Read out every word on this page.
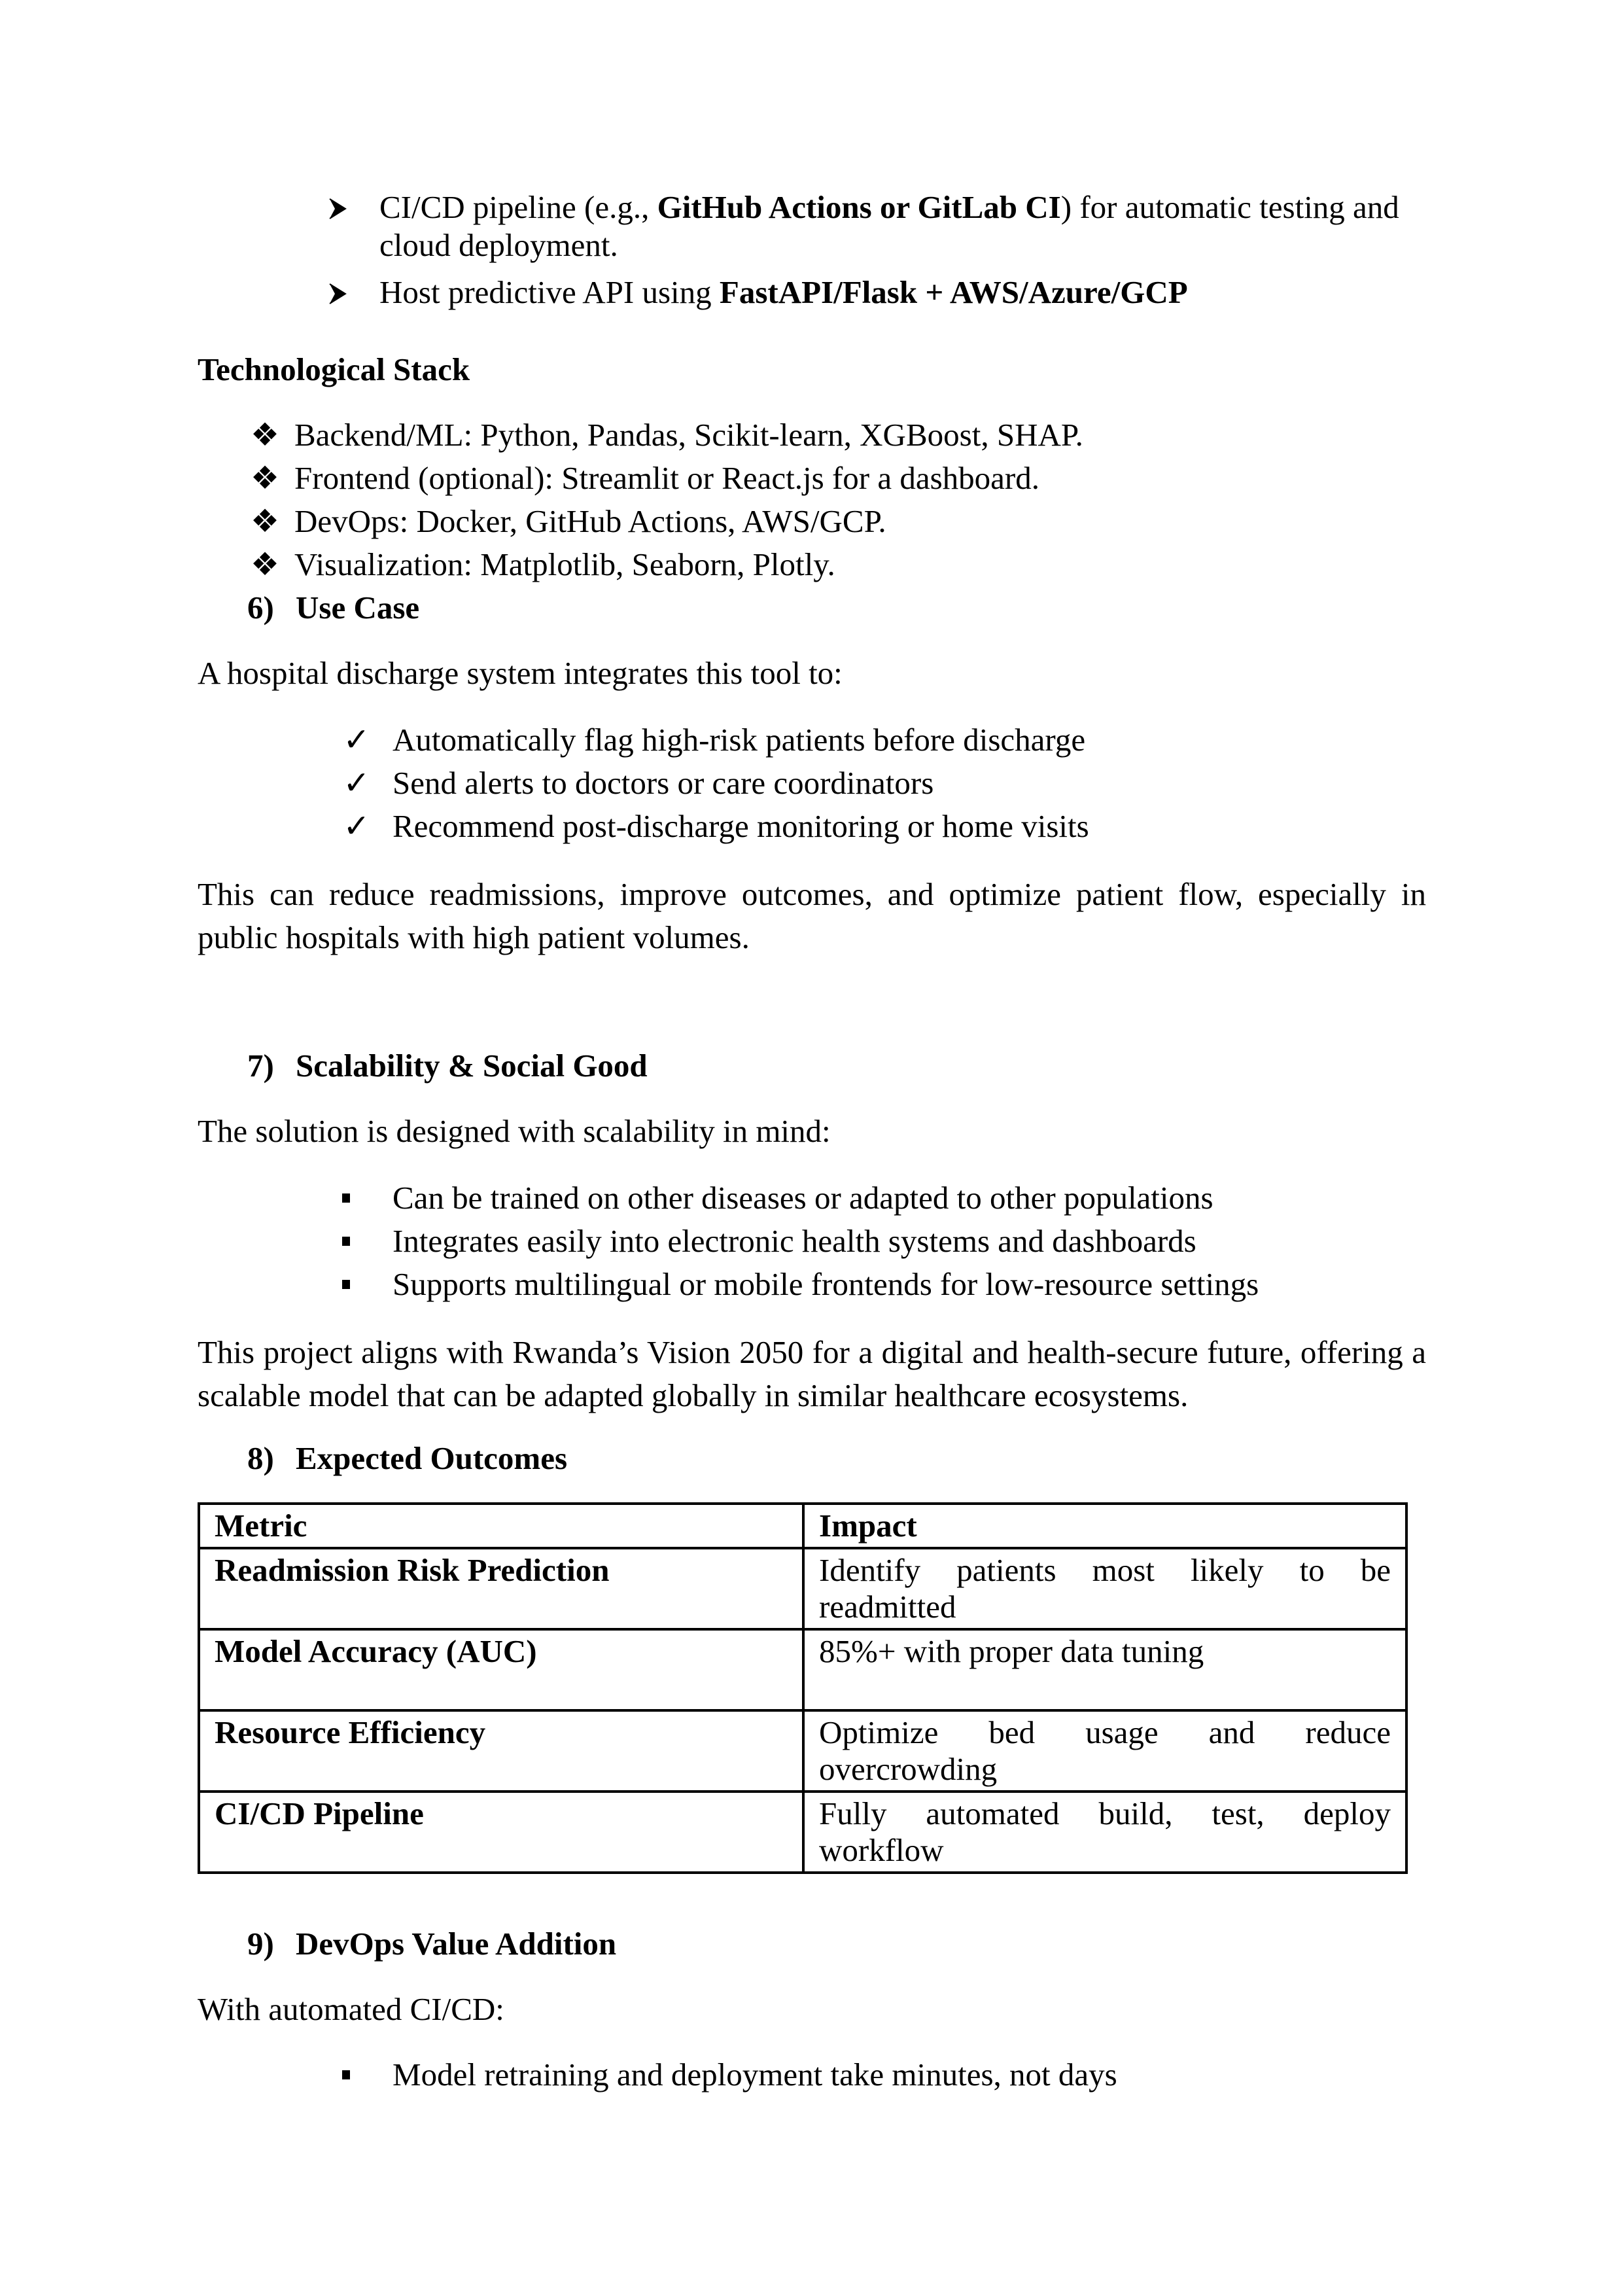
CI/CD pipeline (e.g., GitHub Actions or GitLab CI) for automatic testing and
cloud deployment.
Host predictive API using FastAPI/Flask + AWS/Azure/GCP
Technological Stack
❖ Backend/ML: Python, Pandas, Scikit-learn, XGBoost, SHAP.
❖ Frontend (optional): Streamlit or React.js for a dashboard.
❖ DevOps: Docker, GitHub Actions, AWS/GCP.
❖ Visualization: Matplotlib, Seaborn, Plotly.
6) Use Case
A hospital discharge system integrates this tool to:
✓ Automatically flag high-risk patients before discharge
✓ Send alerts to doctors or care coordinators
✓ Recommend post-discharge monitoring or home visits
This can reduce readmissions, improve outcomes, and optimize patient flow, especially in public hospitals with high patient volumes.
7) Scalability & Social Good
The solution is designed with scalability in mind:
Can be trained on other diseases or adapted to other populations
Integrates easily into electronic health systems and dashboards
Supports multilingual or mobile frontends for low-resource settings
This project aligns with Rwanda’s Vision 2050 for a digital and health-secure future, offering a scalable model that can be adapted globally in similar healthcare ecosystems.
8) Expected Outcomes
Metric	Impact
Readmission Risk Prediction	Identify patients most likely to be readmitted
Model Accuracy (AUC)	85%+ with proper data tuning
Resource Efficiency	Optimize bed usage and reduce overcrowding
CI/CD Pipeline	Fully automated build, test, deploy workflow
9) DevOps Value Addition
With automated CI/CD:
Model retraining and deployment take minutes, not days
